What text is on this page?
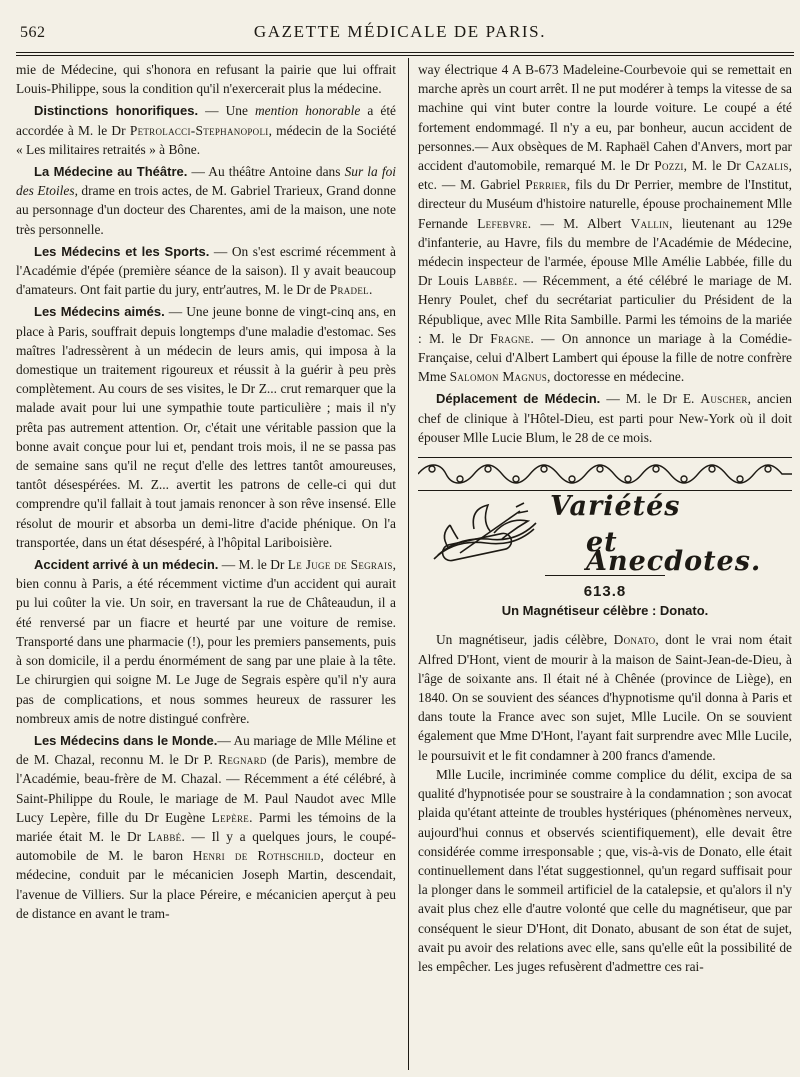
562	GAZETTE MÉDICALE DE PARIS.

mie de Médecine, qui s'honora en refusant la pairie que lui offrait Louis-Philippe, sous la condition qu'il n'exercerait plus la médecine.

Distinctions honorifiques. — Une mention honorable a été accordée à M. le Dr Petrolacci-Stephanopoli, médecin de la Société « Les militaires retraités » à Bône.

La Médecine au Théâtre. — Au théâtre Antoine dans Sur la foi des Etoiles, drame en trois actes, de M. Gabriel Trarieux, Grand donne au personnage d'un docteur des Charentes, ami de la maison, une note très personnelle.

Les Médecins et les Sports. — On s'est escrimé récemment à l'Académie d'épée (première séance de la saison). Il y avait beaucoup d'amateurs. Ont fait partie du jury, entr'autres, M. le Dr de Pradel.

Les Médecins aimés. — Une jeune bonne de vingt-cinq ans, en place à Paris, souffrait depuis longtemps d'une maladie d'estomac. Ses maîtres l'adressèrent à un médecin de leurs amis, qui imposa à la domestique un traitement rigoureux et réussit à la guérir à peu près complètement. Au cours de ses visites, le Dr Z... crut remarquer que la malade avait pour lui une sympathie toute particulière ; mais il n'y prêta pas autrement attention. Or, c'était une véritable passion que la bonne avait conçue pour lui et, pendant trois mois, il ne se passa pas de semaine sans qu'il ne reçut d'elle des lettres tantôt amoureuses, tantôt désespérées. M. Z... avertit les patrons de celle-ci qui dut comprendre qu'il fallait à tout jamais renoncer à son rêve insensé. Elle résolut de mourir et absorba un demi-litre d'acide phénique. On l'a transportée, dans un état désespéré, à l'hôpital Lariboisière.

Accident arrivé à un médecin. — M. le Dr Le Juge de Segrais, bien connu à Paris, a été récemment victime d'un accident qui aurait pu lui coûter la vie. Un soir, en traversant la rue de Châteaudun, il a été renversé par un fiacre et heurté par une voiture de remise. Transporté dans une pharmacie (!), pour les premiers pansements, puis à son domicile, il a perdu énormément de sang par une plaie à la tête. Le chirurgien qui soigne M. Le Juge de Segrais espère qu'il n'y aura pas de complications, et nous sommes heureux de rassurer les nombreux amis de notre distingué confrère.

Les Médecins dans le Monde.— Au mariage de Mlle Méline et de M. Chazal, reconnu M. le Dr P. Regnard (de Paris), membre de l'Académie, beau-frère de M. Chazal. — Récemment a été célébré, à Saint-Philippe du Roule, le mariage de M. Paul Naudot avec Mlle Lucy Lepère, fille du Dr Eugène Lepère. Parmi les témoins de la mariée était M. le Dr Labbé. — Il y a quelques jours, le coupé-automobile de M. le baron Henri de Rothschild, docteur en médecine, conduit par le mécanicien Joseph Martin, descendait, l'avenue de Villiers. Sur la place Péreire, e mécanicien aperçut à peu de distance en avant le tram-

way électrique 4 A B-673 Madeleine-Courbevoie qui se remettait en marche après un court arrêt. Il ne put modérer à temps la vitesse de sa machine qui vint buter contre la lourde voiture. Le coupé a été fortement endommagé. Il n'y a eu, par bonheur, aucun accident de personnes.— Aux obsèques de M. Raphaël Cahen d'Anvers, mort par accident d'automobile, remarqué M. le Dr Pozzi, M. le Dr Cazalis, etc. — M. Gabriel Perrier, fils du Dr Perrier, membre de l'Institut, directeur du Muséum d'histoire naturelle, épouse prochainement Mlle Fernande Lefebvre. — M. Albert Vallin, lieutenant au 129e d'infanterie, au Havre, fils du membre de l'Académie de Médecine, médecin inspecteur de l'armée, épouse Mlle Amélie Labbée, fille du Dr Louis Labbée. — Récemment, a été célébré le mariage de M. Henry Poulet, chef du secrétariat particulier du Président de la République, avec Mlle Rita Sambille. Parmi les témoins de la mariée : M. le Dr Fragne. — On annonce un mariage à la Comédie-Française, celui d'Albert Lambert qui épouse la fille de notre confrère Mme Salomon Magnus, doctoresse en médecine.

Déplacement de Médecin. — M. le Dr E. Auscher, ancien chef de clinique à l'Hôtel-Dieu, est parti pour New-York où il doit épouser Mlle Lucie Blum, le 28 de ce mois.

Variétés
et Anecdotes.
613.8
Un Magnétiseur célèbre : Donato.

Un magnétiseur, jadis célèbre, Donato, dont le vrai nom était Alfred D'Hont, vient de mourir à la maison de Saint-Jean-de-Dieu, à l'âge de soixante ans. Il était né à Chênée (province de Liège), en 1840. On se souvient des séances d'hypnotisme qu'il donna à Paris et dans toute la France avec son sujet, Mlle Lucile. On se souvient également que Mme D'Hont, l'ayant fait surprendre avec Mlle Lucile, le poursuivit et le fit condamner à 200 francs d'amende.

Mlle Lucile, incriminée comme complice du délit, excipa de sa qualité d'hypnotisée pour se soustraire à la condamnation ; son avocat plaida qu'étant atteinte de troubles hystériques (phénomènes nerveux, aujourd'hui connus et observés scientifiquement), elle devait être considérée comme irresponsable ; que, vis-à-vis de Donato, elle était continuellement dans l'état suggestionnel, qu'un regard suffisait pour la plonger dans le sommeil artificiel de la catalepsie, et qu'alors il n'y avait plus chez elle d'autre volonté que celle du magnétiseur, que par conséquent le sieur D'Hont, dit Donato, abusant de son état de sujet, avait pu avoir des relations avec elle, sans qu'elle eût la possibilité de les empêcher. Les juges refusèrent d'admettre ces rai-
